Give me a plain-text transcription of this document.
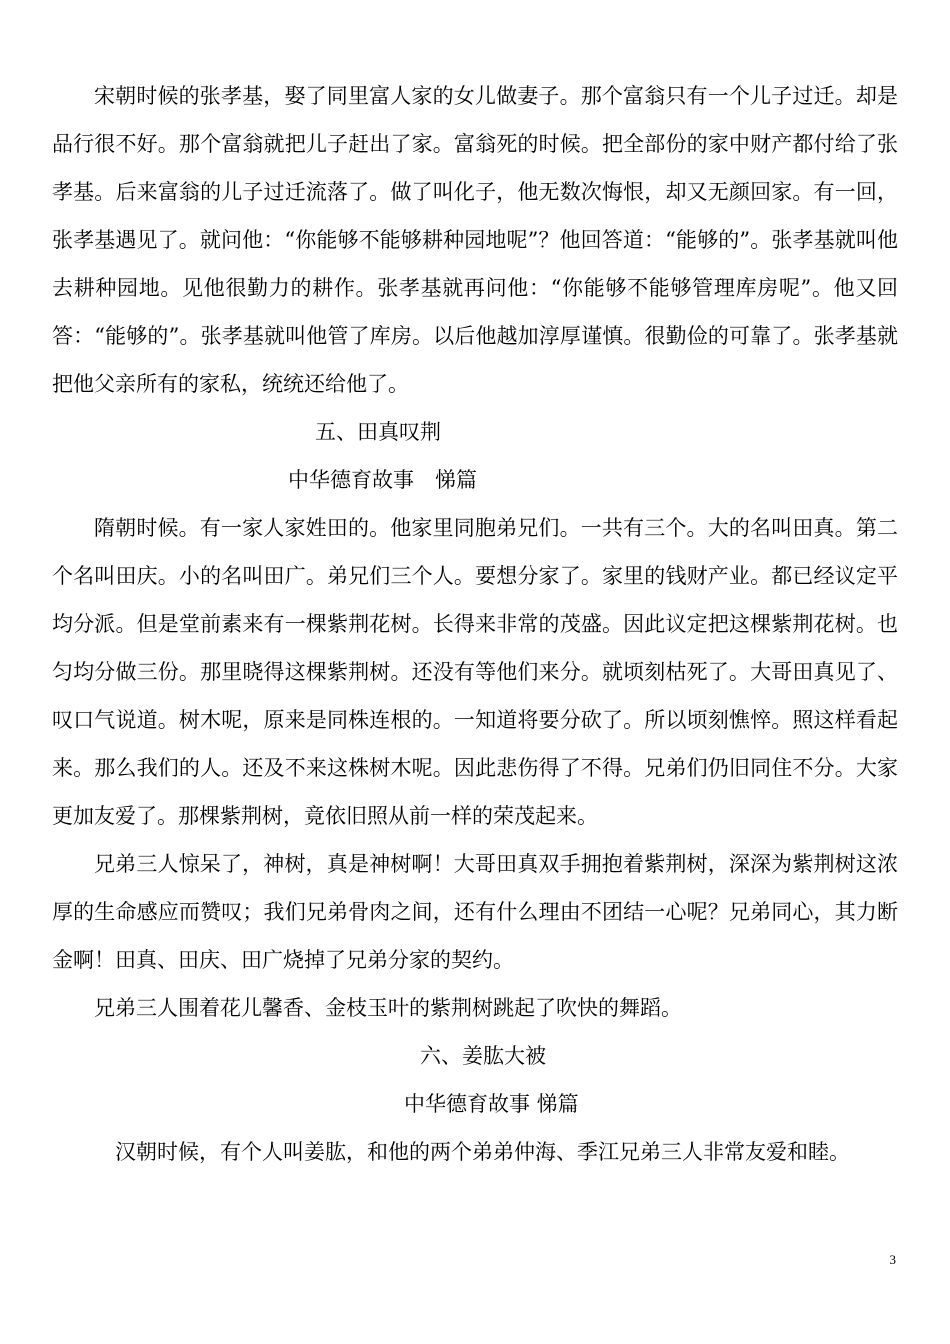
宋朝时候的张孝基，娶了同里富人家的女儿做妻子。那个富翁只有一个儿子过迁。却是品行很不好。那个富翁就把儿子赶出了家。富翁死的时候。把全部份的家中财产都付给了张孝基。后来富翁的儿子过迁流落了。做了叫化子，他无数次悔恨，却又无颜回家。有一回，张孝基遇见了。就问他：“你能够不能够耕种园地呢”？他回答道：“能够的”。张孝基就叫他去耕种园地。见他很勤力的耕作。张孝基就再问他：“你能够不能够管理库房呢”。他又回答：“能够的”。张孝基就叫他管了库房。以后他越加淳厚谨慎。很勤俭的可靠了。张孝基就把他父亲所有的家私，统统还给他了。

五、田真叹荆

中华德育故事　悌篇

隋朝时候。有一家人家姓田的。他家里同胞弟兄们。一共有三个。大的名叫田真。第二个名叫田庆。小的名叫田广。弟兄们三个人。要想分家了。家里的钱财产业。都已经议定平均分派。但是堂前素来有一棵紫荆花树。长得来非常的茂盛。因此议定把这棵紫荆花树。也匀均分做三份。那里晓得这棵紫荆树。还没有等他们来分。就顷刻枯死了。大哥田真见了、叹口气说道。树木呢，原来是同株连根的。一知道将要分砍了。所以顷刻憔悴。照这样看起来。那么我们的人。还及不来这株树木呢。因此悲伤得了不得。兄弟们仍旧同住不分。大家更加友爱了。那棵紫荆树，竟依旧照从前一样的荣茂起来。

兄弟三人惊呆了，神树，真是神树啊！大哥田真双手拥抱着紫荆树，深深为紫荆树这浓厚的生命感应而赞叹；我们兄弟骨肉之间，还有什么理由不团结一心呢？兄弟同心，其力断金啊！田真、田庆、田广烧掉了兄弟分家的契约。

兄弟三人围着花儿馨香、金枝玉叶的紫荆树跳起了吹快的舞蹈。

六、姜肱大被

中华德育故事 悌篇

汉朝时候，有个人叫姜肱，和他的两个弟弟仲海、季江兄弟三人非常友爱和睦。

3
